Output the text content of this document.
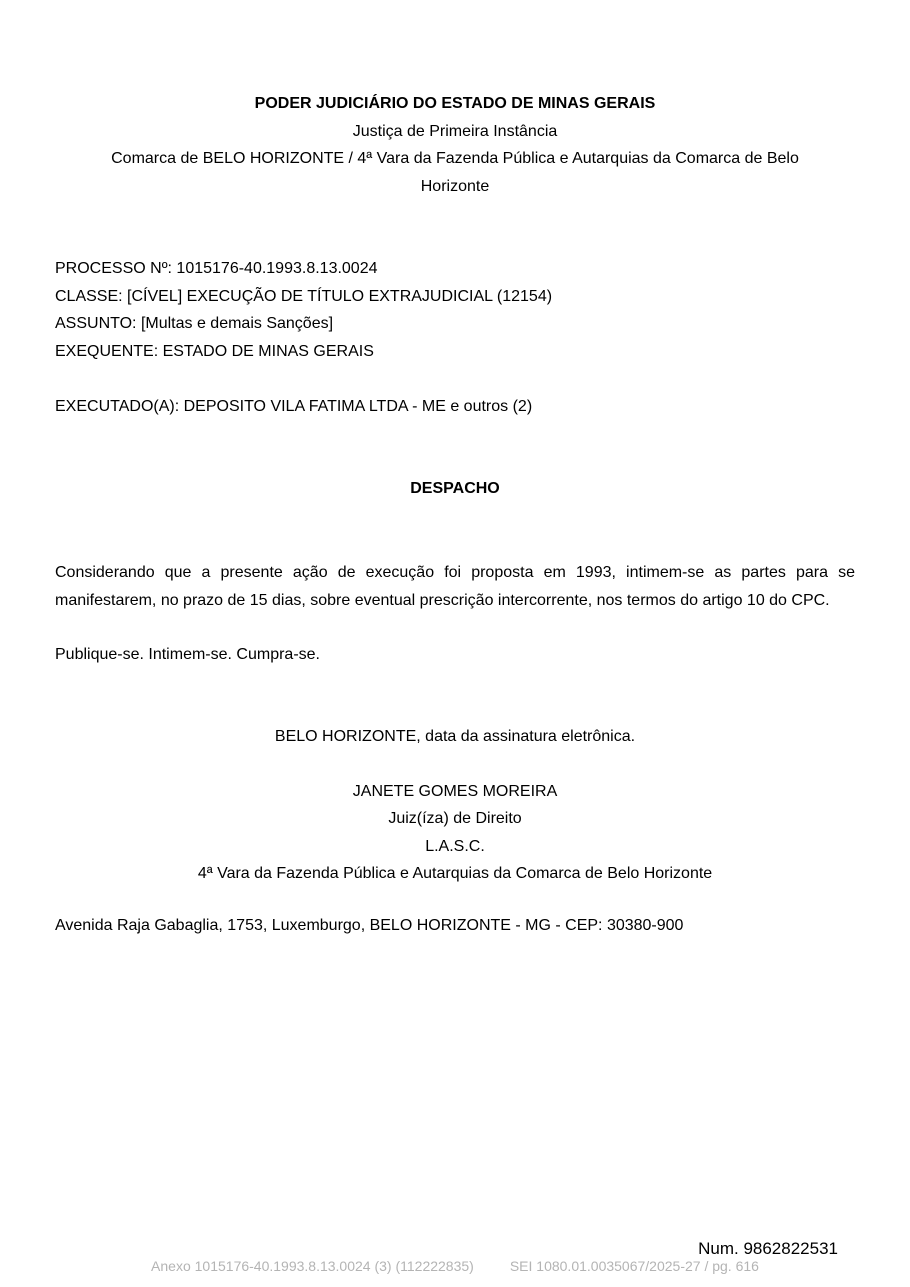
PODER JUDICIÁRIO DO ESTADO DE MINAS GERAIS
Justiça de Primeira Instância
Comarca de BELO HORIZONTE / 4ª Vara da Fazenda Pública e Autarquias da Comarca de Belo
Horizonte
PROCESSO Nº: 1015176-40.1993.8.13.0024
CLASSE: [CÍVEL] EXECUÇÃO DE TÍTULO EXTRAJUDICIAL (12154)
ASSUNTO: [Multas e demais Sanções]
EXEQUENTE: ESTADO DE MINAS GERAIS
EXECUTADO(A): DEPOSITO VILA FATIMA LTDA - ME e outros (2)
DESPACHO
Considerando que a presente ação de execução foi proposta em 1993, intimem-se as partes para se manifestarem, no prazo de 15 dias, sobre eventual prescrição intercorrente, nos termos do artigo 10 do CPC.
Publique-se. Intimem-se. Cumpra-se.
BELO HORIZONTE, data da assinatura eletrônica.
JANETE GOMES MOREIRA
Juiz(íza) de Direito
L.A.S.C.
4ª Vara da Fazenda Pública e Autarquias da Comarca de Belo Horizonte
Avenida Raja Gabaglia, 1753, Luxemburgo, BELO HORIZONTE - MG - CEP: 30380-900
Num. 9862822531
Anexo 1015176-40.1993.8.13.0024 (3) (112222835)	SEI 1080.01.0035067/2025-27 / pg. 616
